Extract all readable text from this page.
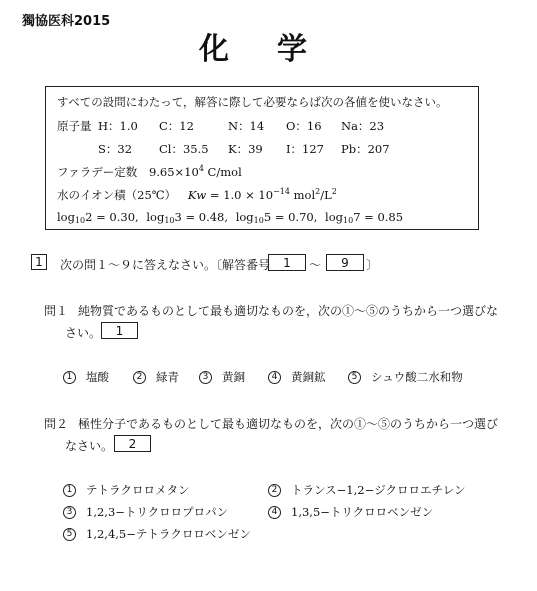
獨協医科2015
化学
すべての設問にわたって，解答に際して必要ならば次の各値を使いなさい。
原子量 H：1.0 C：12	N：14 O：16 Na：23
S：32 Cl：35.5 K：39 I：127 Pb：207
ファラデー定数 $9.65\times 10^4$ C/mol
水のイオン積（25℃） $Kw = 1.0 \times 10^{-14}$ $mol^2/L^2$
$\log_{10}2 = 0.30$, $\log_{10}3 = 0.48$, $\log_{10}5 = 0.70$, $\log_{10}7 = 0.85$
1	次の問１～９に答えなさい。〔解答番号	1	〜	9	〕
問１ 純物質であるものとして最も適切なものを，次の①～⑤のうちから一つ選びな
さい。	1
1	塩酸	2	緑青	3	黄銅	4	黄銅鉱	5	シュウ酸二水和物
問２ 極性分子であるものとして最も適切なものを，次の①～⑤のうちから一つ選び
なさい。	2
1	テトラクロロメタン	2	トランス−1,2−ジクロロエチレン
3	1,2,3−トリクロロプロパン	4	1,3,5−トリクロロベンゼン
5	1,2,4,5−テトラクロロベンゼン
